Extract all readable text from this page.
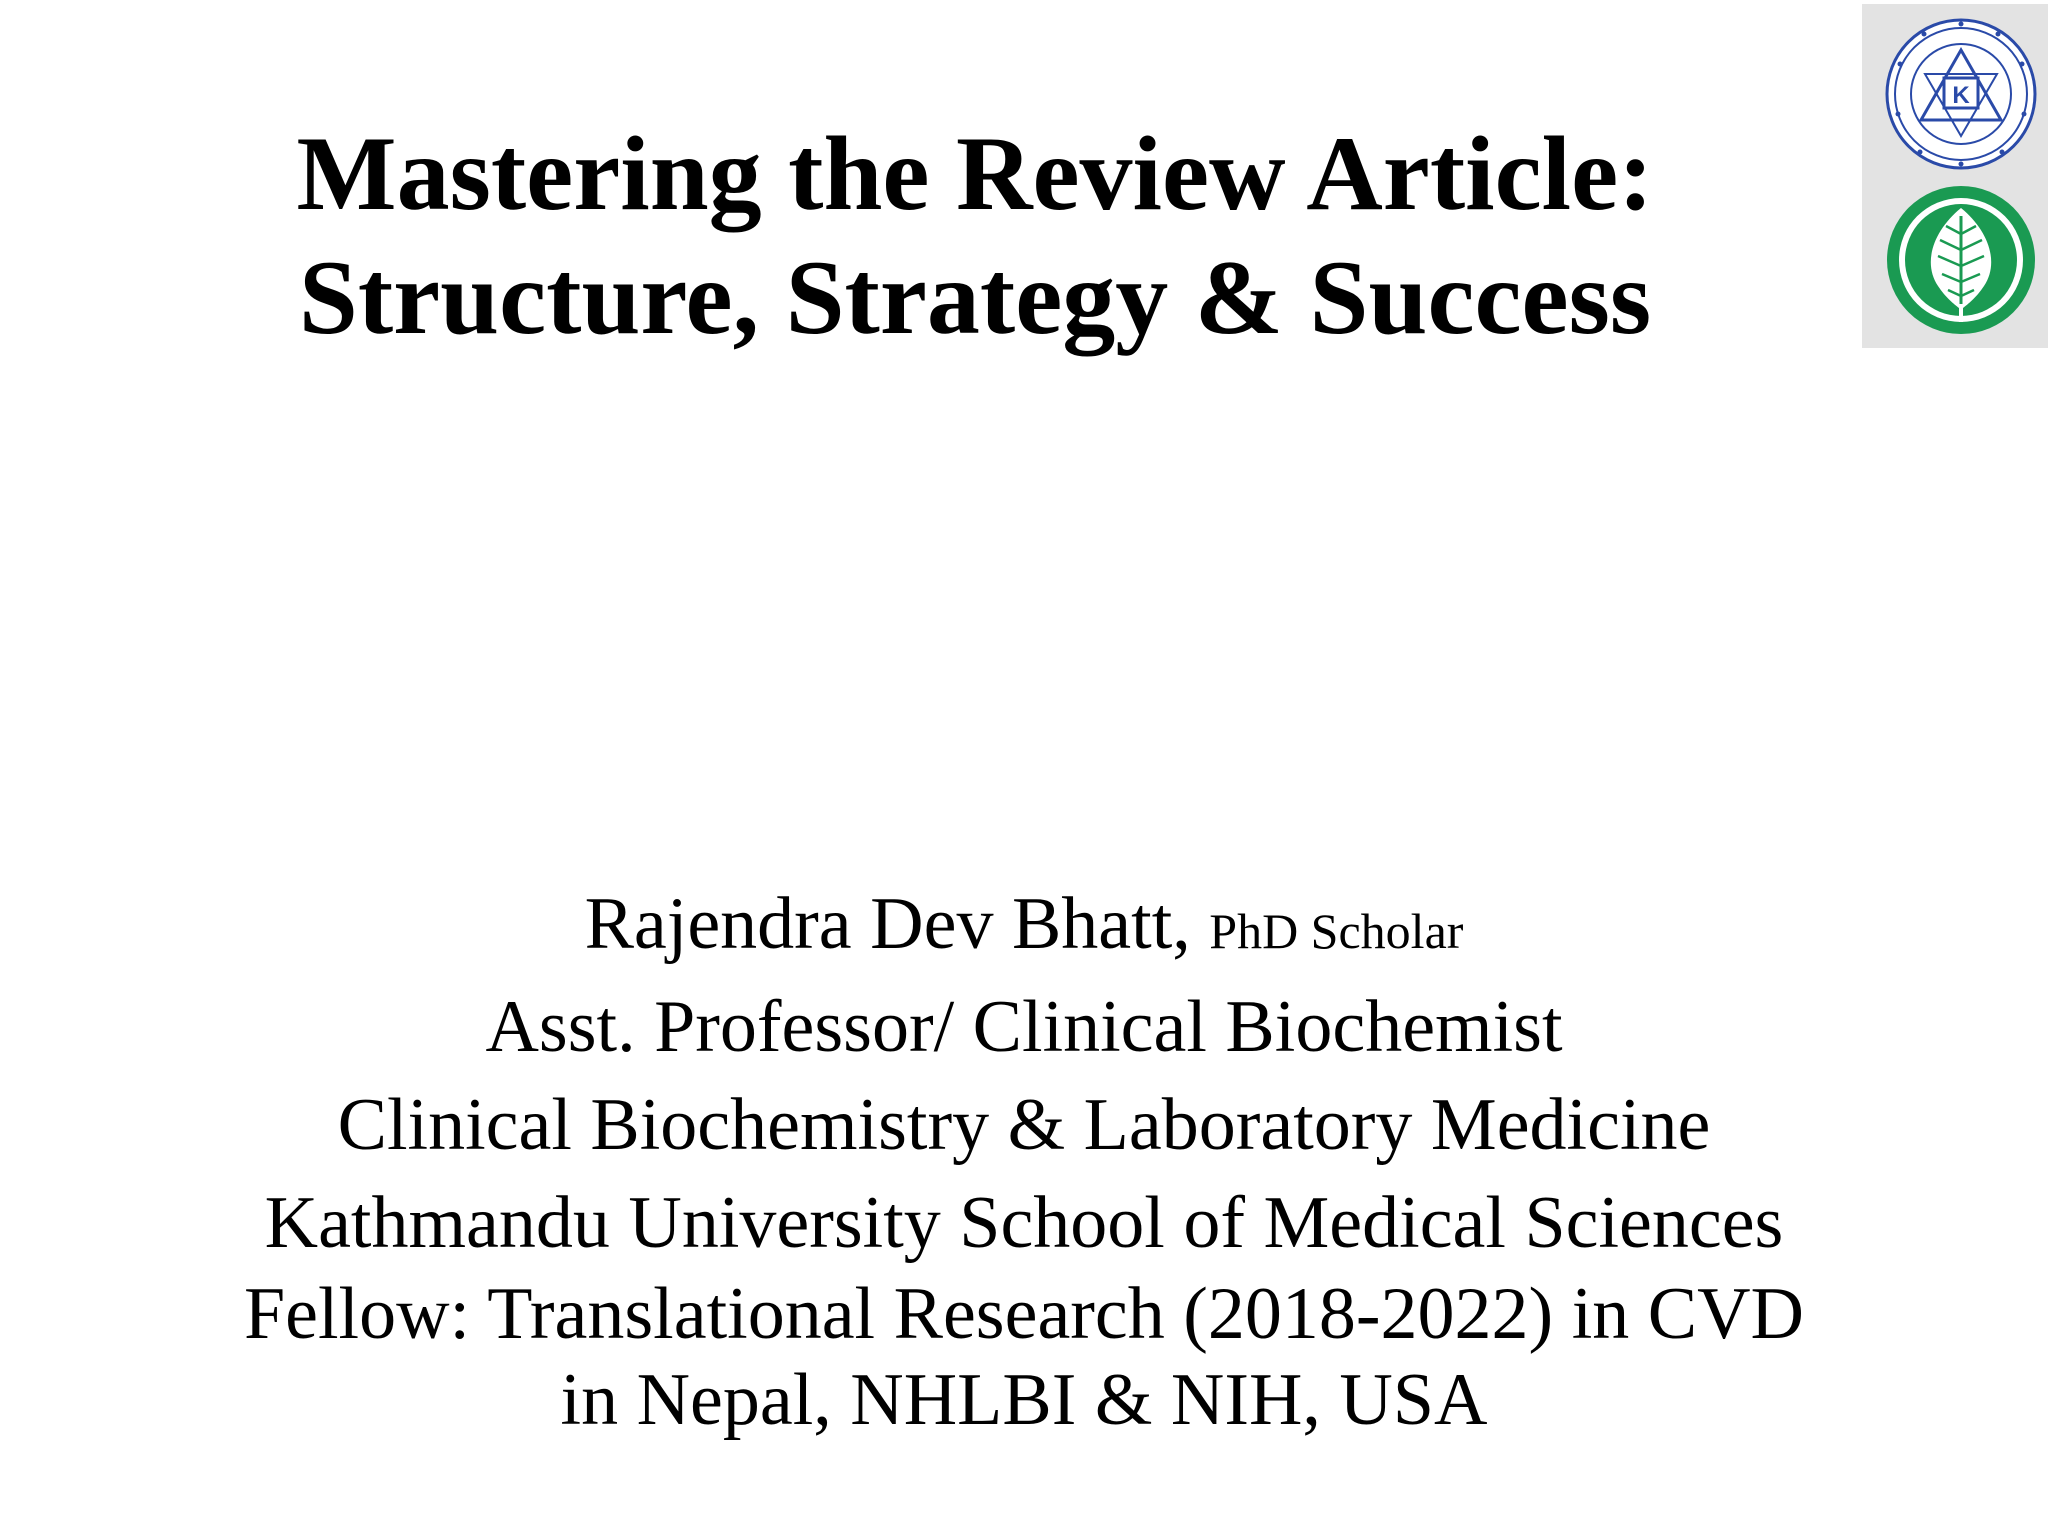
Mastering the Review Article:
Structure, Strategy & Success
K
Rajendra Dev Bhatt, PhD Scholar
Asst. Professor/ Clinical Biochemist
Clinical Biochemistry & Laboratory Medicine
Kathmandu University School of Medical Sciences
Fellow: Translational Research (2018-2022) in CVD
in Nepal, NHLBI & NIH, USA
